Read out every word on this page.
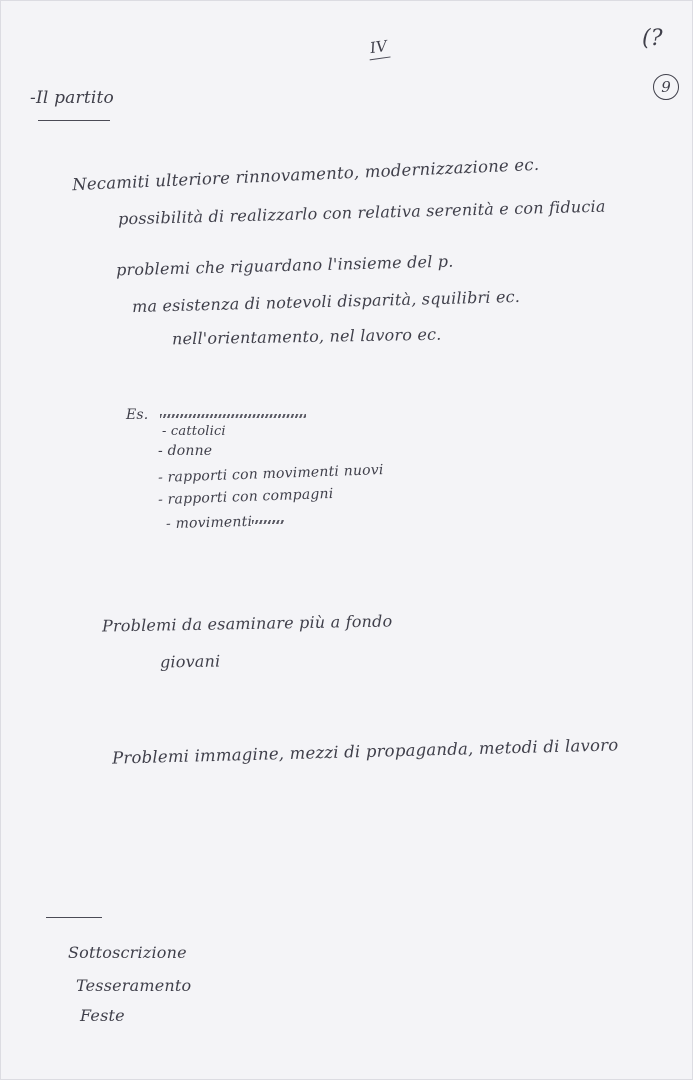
IV	(?
9
-Il partito
Necamiti ulteriore rinnovamento, modernizzazione ec.
possibilità di realizzarlo con relativa serenità e con fiducia
problemi che riguardano l'insieme del p.
ma esistenza di notevoli disparità, squilibri ec.
nell'orientamento, nel lavoro ec.
Es.
- cattolici
- donne
- rapporti con movimenti nuovi
- rapporti con compagni
- movimenti
Problemi da esaminare più a fondo
giovani
Problemi immagine, mezzi di propaganda, metodi di lavoro
Sottoscrizione
Tesseramento
Feste
